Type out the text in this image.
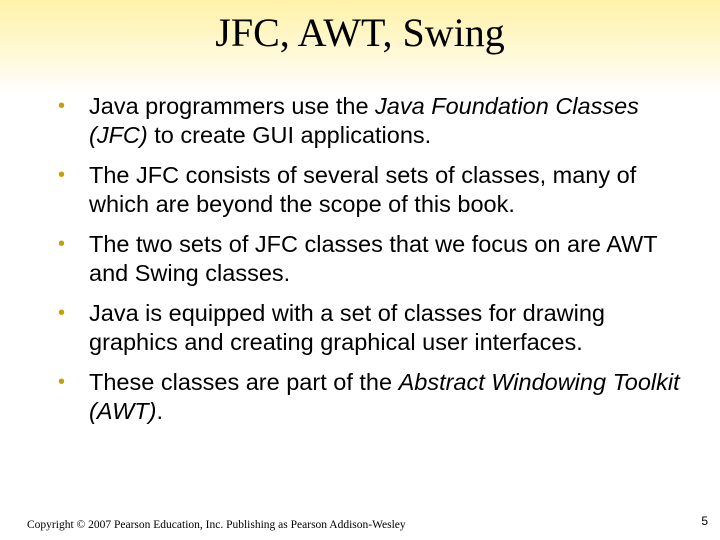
JFC, AWT, Swing
• Java programmers use the Java Foundation Classes (JFC) to create GUI applications.
• The JFC consists of several sets of classes, many of which are beyond the scope of this book.
• The two sets of JFC classes that we focus on are AWT and Swing classes.
• Java is equipped with a set of classes for drawing graphics and creating graphical user interfaces.
• These classes are part of the Abstract Windowing Toolkit (AWT).
Copyright © 2007 Pearson Education, Inc. Publishing as Pearson Addison-Wesley	5
